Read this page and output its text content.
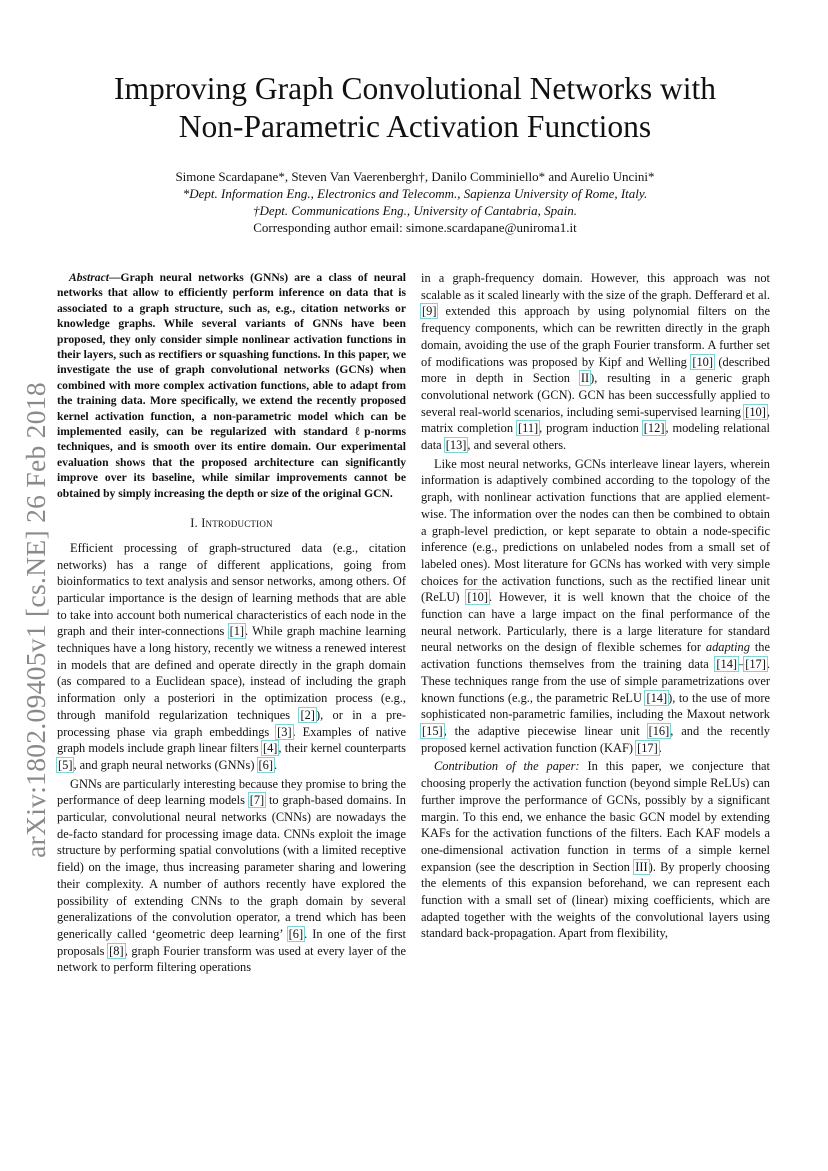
arXiv:1802.09405v1 [cs.NE] 26 Feb 2018
Improving Graph Convolutional Networks with
Non-Parametric Activation Functions
Simone Scardapane*, Steven Van Vaerenbergh†, Danilo Comminiello* and Aurelio Uncini*
*Dept. Information Eng., Electronics and Telecomm., Sapienza University of Rome, Italy.
†Dept. Communications Eng., University of Cantabria, Spain.
Corresponding author email: simone.scardapane@uniroma1.it

Abstract—Graph neural networks (GNNs) are a class of neural networks that allow to efficiently perform inference on data that is associated to a graph structure, such as, e.g., citation networks or knowledge graphs. While several variants of GNNs have been proposed, they only consider simple nonlinear activation functions in their layers, such as rectifiers or squashing functions. In this paper, we investigate the use of graph convolutional networks (GCNs) when combined with more complex activation functions, able to adapt from the training data. More specifically, we extend the recently proposed kernel activation function, a non-parametric model which can be implemented easily, can be regularized with standard ℓp-norms techniques, and is smooth over its entire domain. Our experimental evaluation shows that the proposed architecture can significantly improve over its baseline, while similar improvements cannot be obtained by simply increasing the depth or size of the original GCN.

I. Introduction

Efficient processing of graph-structured data (e.g., citation networks) has a range of different applications, going from bioinformatics to text analysis and sensor networks, among others. Of particular importance is the design of learning methods that are able to take into account both numerical characteristics of each node in the graph and their inter-connections [1]. While graph machine learning techniques have a long history, recently we witness a renewed interest in models that are defined and operate directly in the graph domain (as compared to a Euclidean space), instead of including the graph information only a posteriori in the optimization process (e.g., through manifold regularization techniques [2]), or in a pre-processing phase via graph embeddings [3]. Examples of native graph models include graph linear filters [4], their kernel counterparts [5], and graph neural networks (GNNs) [6].

GNNs are particularly interesting because they promise to bring the performance of deep learning models [7] to graph-based domains. In particular, convolutional neural networks (CNNs) are nowadays the de-facto standard for processing image data. CNNs exploit the image structure by performing spatial convolutions (with a limited receptive field) on the image, thus increasing parameter sharing and lowering their complexity. A number of authors recently have explored the possibility of extending CNNs to the graph domain by several generalizations of the convolution operator, a trend which has been generically called ‘geometric deep learning’ [6]. In one of the first proposals [8], graph Fourier transform was used at every layer of the network to perform filtering operations

in a graph-frequency domain. However, this approach was not scalable as it scaled linearly with the size of the graph. Defferard et al. [9] extended this approach by using polynomial filters on the frequency components, which can be rewritten directly in the graph domain, avoiding the use of the graph Fourier transform. A further set of modifications was proposed by Kipf and Welling [10] (described more in depth in Section II), resulting in a generic graph convolutional network (GCN). GCN has been successfully applied to several real-world scenarios, including semi-supervised learning [10], matrix completion [11], program induction [12], modeling relational data [13], and several others.

Like most neural networks, GCNs interleave linear layers, wherein information is adaptively combined according to the topology of the graph, with nonlinear activation functions that are applied element-wise. The information over the nodes can then be combined to obtain a graph-level prediction, or kept separate to obtain a node-specific inference (e.g., predictions on unlabeled nodes from a small set of labeled ones). Most literature for GCNs has worked with very simple choices for the activation functions, such as the rectified linear unit (ReLU) [10]. However, it is well known that the choice of the function can have a large impact on the final performance of the neural network. Particularly, there is a large literature for standard neural networks on the design of flexible schemes for adapting the activation functions themselves from the training data [14]–[17]. These techniques range from the use of simple parametrizations over known functions (e.g., the parametric ReLU [14]), to the use of more sophisticated non-parametric families, including the Maxout network [15], the adaptive piecewise linear unit [16], and the recently proposed kernel activation function (KAF) [17].

Contribution of the paper: In this paper, we conjecture that choosing properly the activation function (beyond simple ReLUs) can further improve the performance of GCNs, possibly by a significant margin. To this end, we enhance the basic GCN model by extending KAFs for the activation functions of the filters. Each KAF models a one-dimensional activation function in terms of a simple kernel expansion (see the description in Section III). By properly choosing the elements of this expansion beforehand, we can represent each function with a small set of (linear) mixing coefficients, which are adapted together with the weights of the convolutional layers using standard back-propagation. Apart from flexibility,
